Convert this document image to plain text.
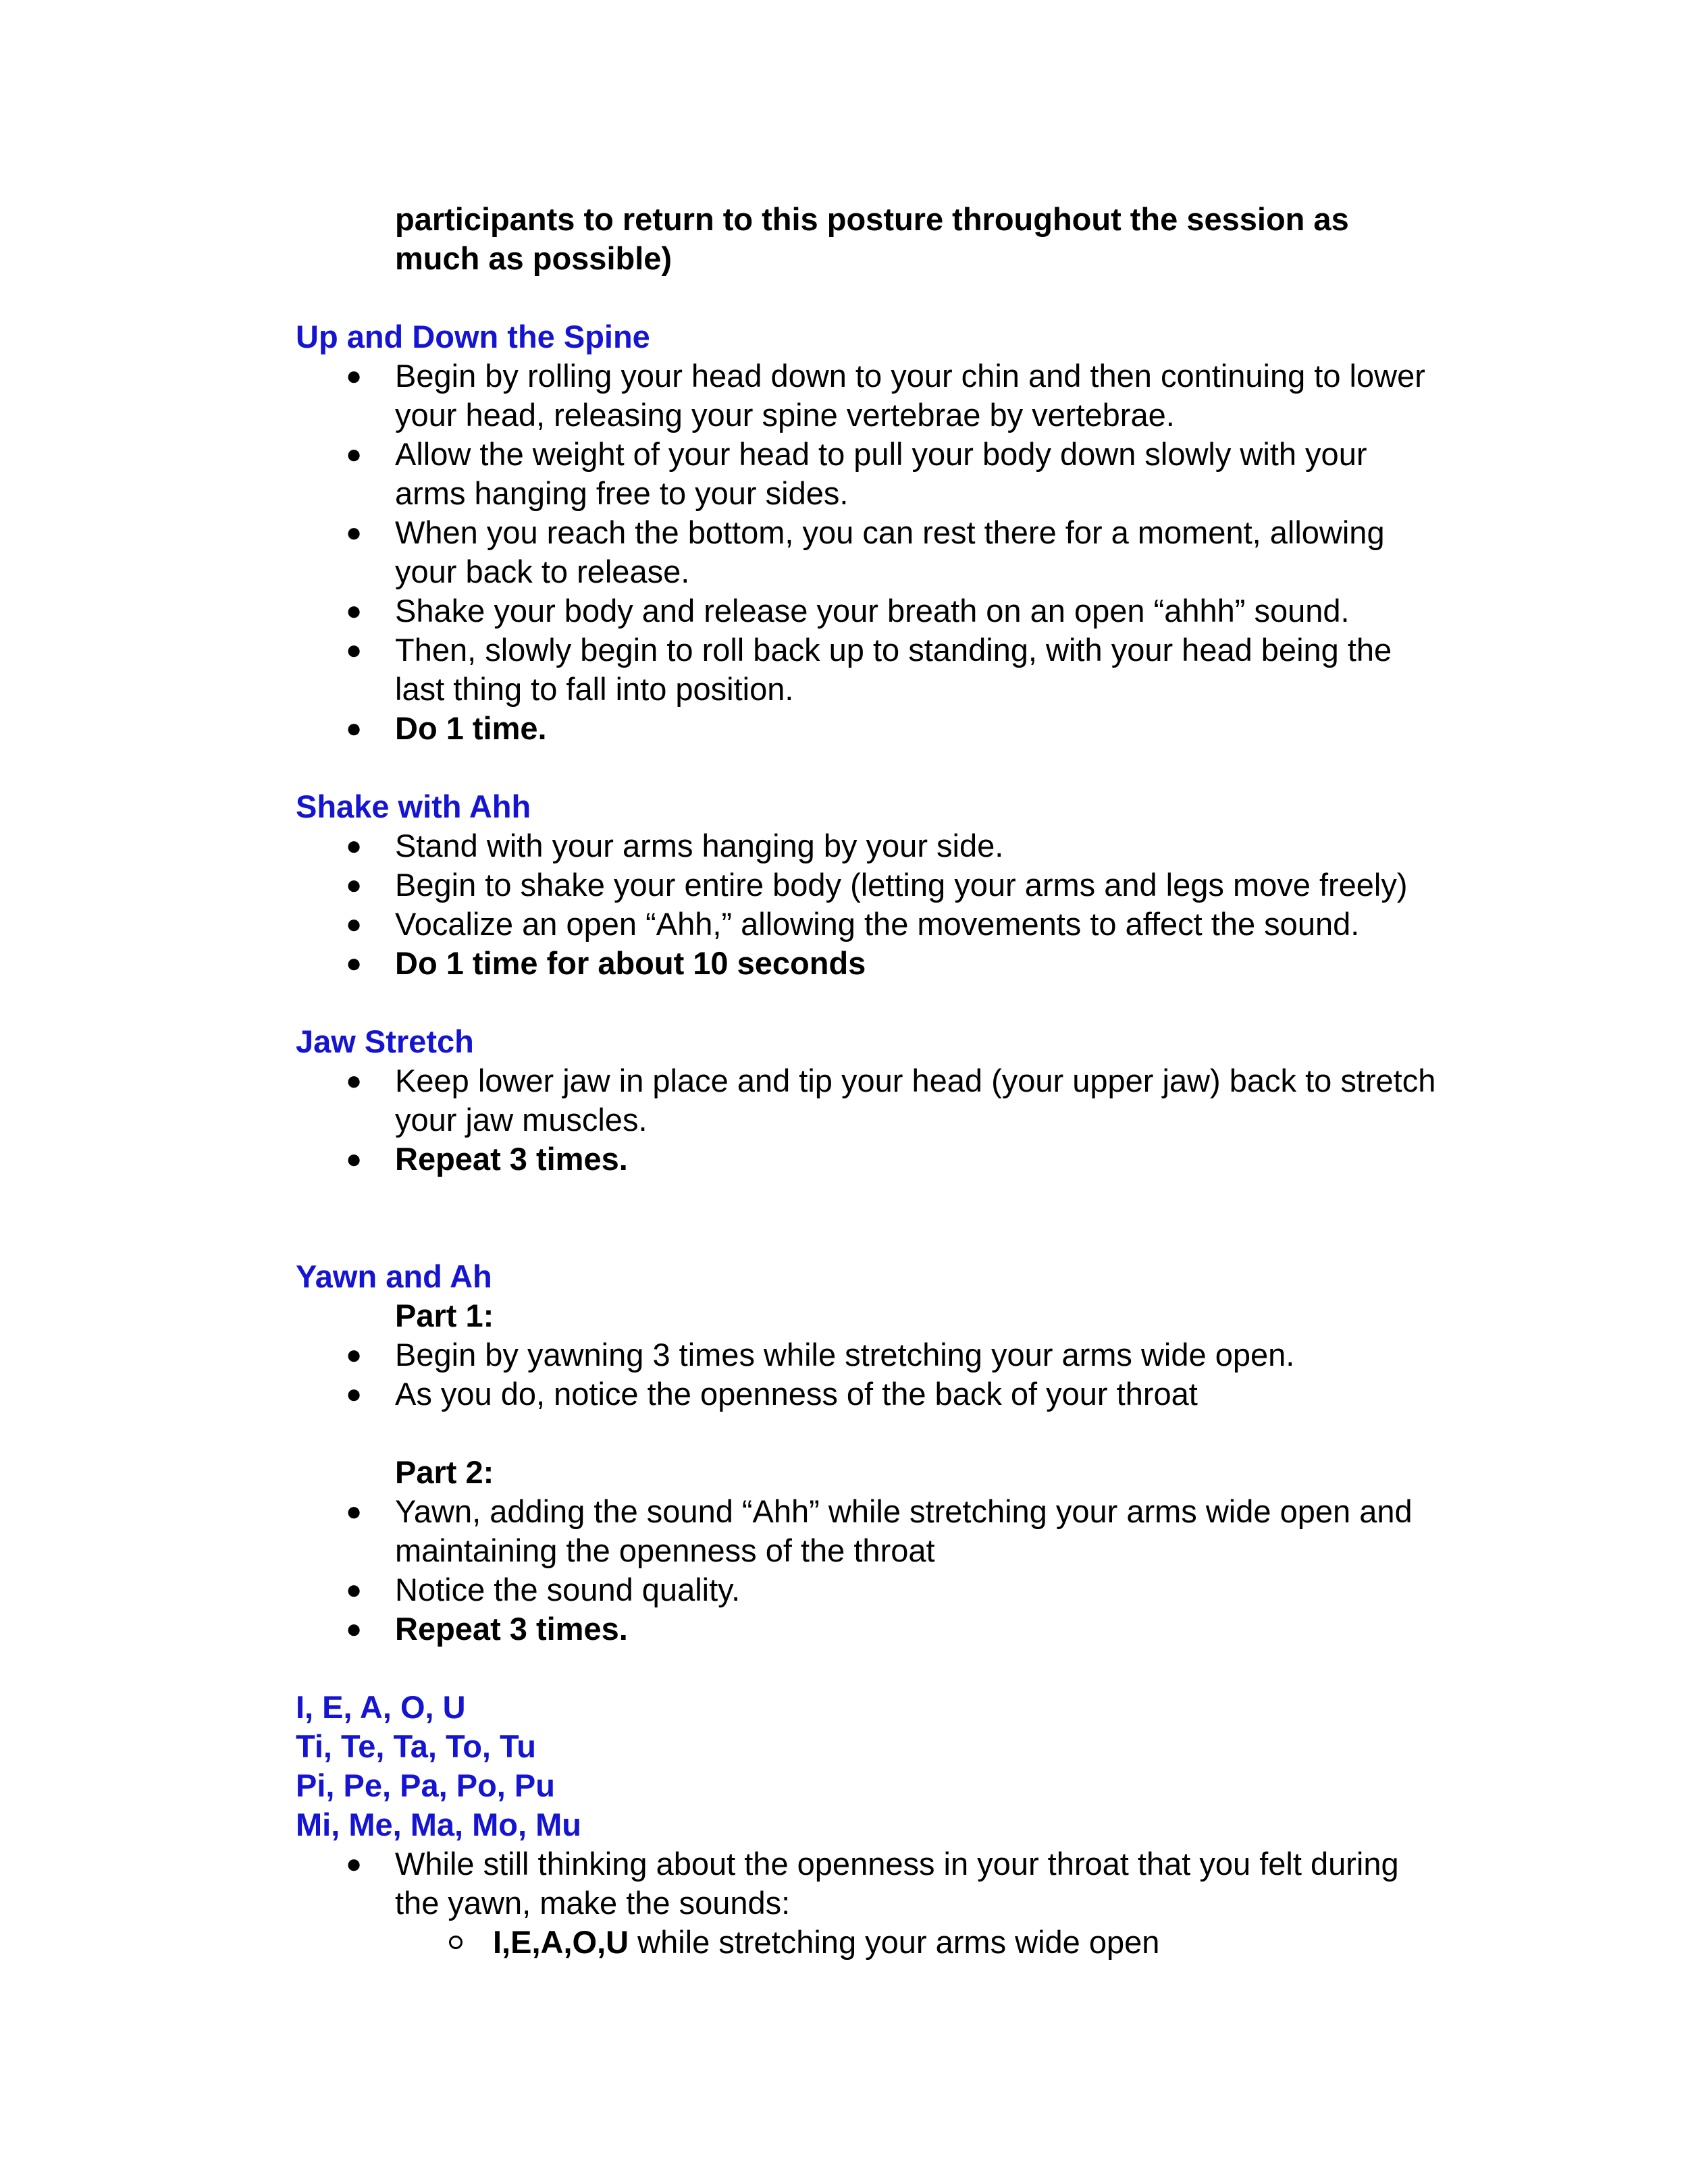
participants to return to this posture throughout the session as
much as possible)
Up and Down the Spine
● Begin by rolling your head down to your chin and then continuing to lower
your head, releasing your spine vertebrae by vertebrae.
● Allow the weight of your head to pull your body down slowly with your
arms hanging free to your sides.
● When you reach the bottom, you can rest there for a moment, allowing
your back to release.
● Shake your body and release your breath on an open “ahhh” sound.
● Then, slowly begin to roll back up to standing, with your head being the
last thing to fall into position.
● Do 1 time.
Shake with Ahh
● Stand with your arms hanging by your side.
● Begin to shake your entire body (letting your arms and legs move freely)
● Vocalize an open “Ahh,” allowing the movements to affect the sound.
● Do 1 time for about 10 seconds
Jaw Stretch
● Keep lower jaw in place and tip your head (your upper jaw) back to stretch
your jaw muscles.
● Repeat 3 times.
Yawn and Ah
Part 1:
● Begin by yawning 3 times while stretching your arms wide open.
● As you do, notice the openness of the back of your throat
Part 2:
● Yawn, adding the sound “Ahh” while stretching your arms wide open and
maintaining the openness of the throat
● Notice the sound quality.
● Repeat 3 times.
I, E, A, O, U
Ti, Te, Ta, To, Tu
Pi, Pe, Pa, Po, Pu
Mi, Me, Ma, Mo, Mu
● While still thinking about the openness in your throat that you felt during
the yawn, make the sounds:
I,E,A,O,U while stretching your arms wide open
